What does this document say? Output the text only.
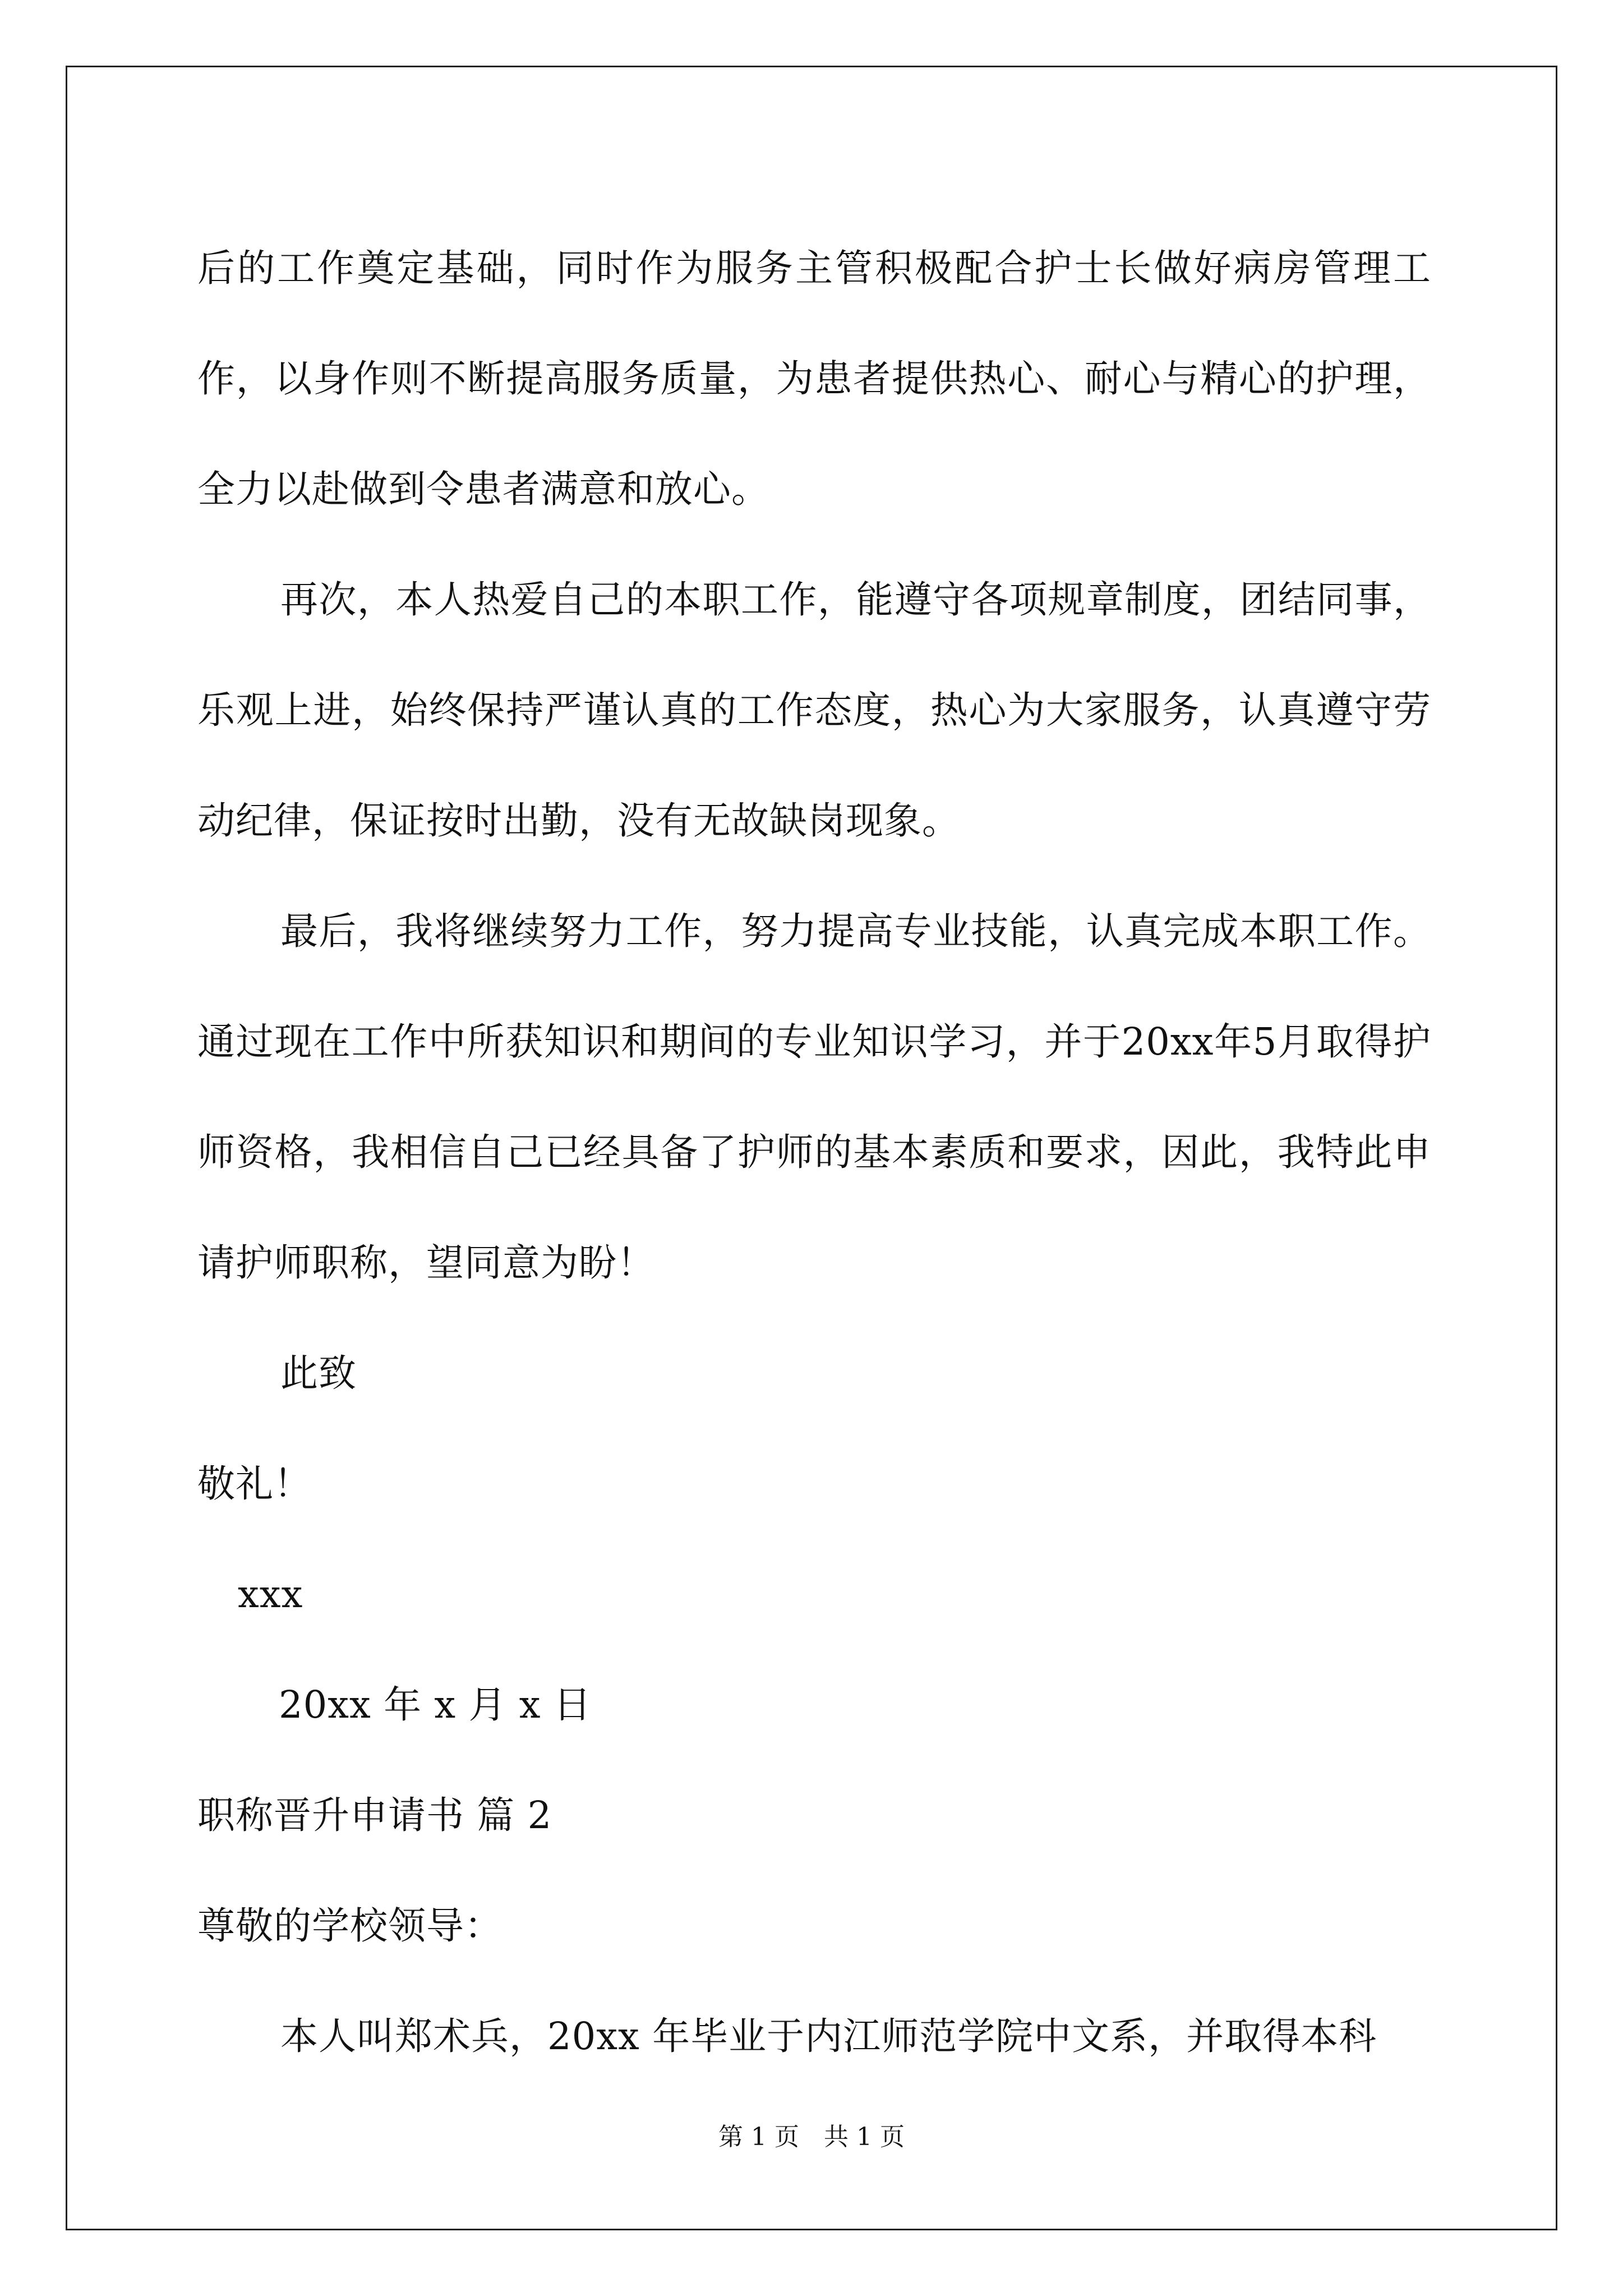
后的工作奠定基础，同时作为服务主管积极配合护士长做好病房管理工作，以身作则不断提高服务质量，为患者提供热心、耐心与精心的护理，全力以赴做到令患者满意和放心。

再次，本人热爱自己的本职工作，能遵守各项规章制度，团结同事，乐观上进，始终保持严谨认真的工作态度，热心为大家服务，认真遵守劳动纪律，保证按时出勤，没有无故缺岗现象。

最后，我将继续努力工作，努力提高专业技能，认真完成本职工作。通过现在工作中所获知识和期间的专业知识学习，并于20xx年5月取得护师资格，我相信自己已经具备了护师的基本素质和要求，因此，我特此申请护师职称，望同意为盼！

此致

敬礼！

xxx

20xx 年 x 月 x 日

职称晋升申请书 篇 2

尊敬的学校领导：

本人叫郑术兵，20xx 年毕业于内江师范学院中文系，并取得本科

第 1 页　共 1 页
